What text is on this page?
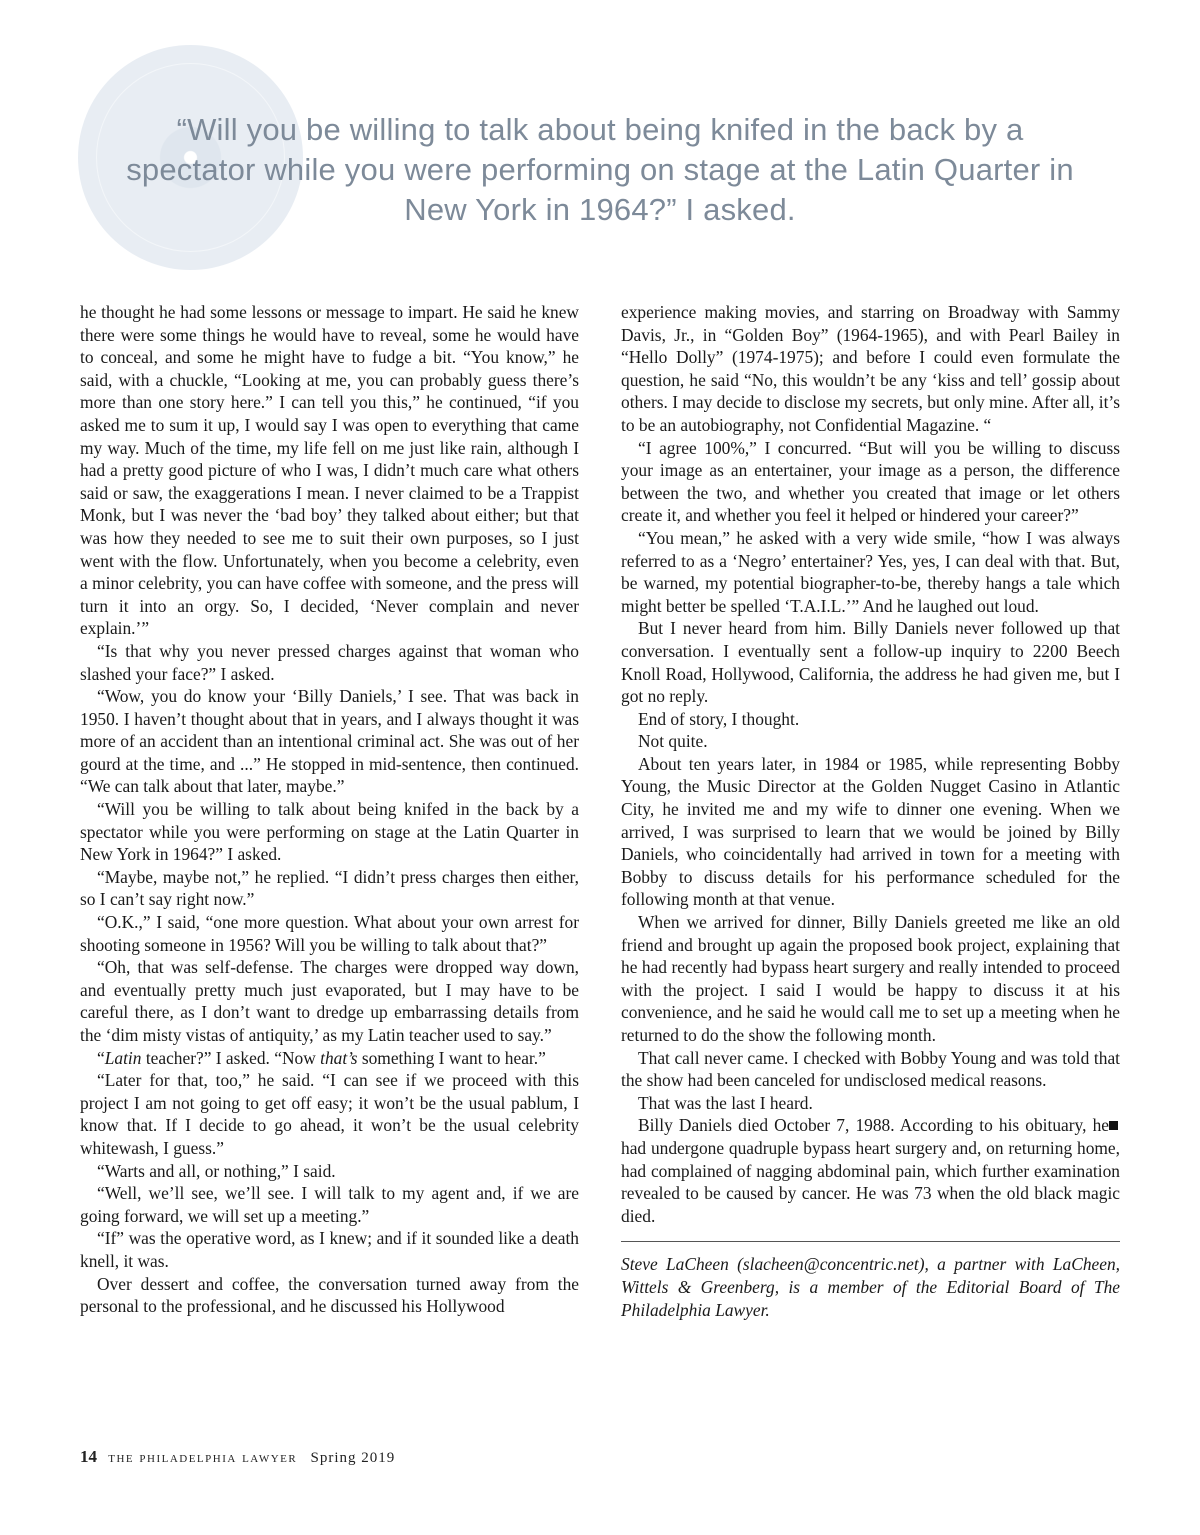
“Will you be willing to talk about being knifed in the back by a spectator while you were performing on stage at the Latin Quarter in New York in 1964?” I asked.

he thought he had some lessons or message to impart. He said he knew there were some things he would have to reveal, some he would have to conceal, and some he might have to fudge a bit. “You know,” he said, with a chuckle, “Looking at me, you can probably guess there’s more than one story here.” I can tell you this,” he continued, “if you asked me to sum it up, I would say I was open to everything that came my way. Much of the time, my life fell on me just like rain, although I had a pretty good picture of who I was, I didn’t much care what others said or saw, the exaggerations I mean. I never claimed to be a Trappist Monk, but I was never the ‘bad boy’ they talked about either; but that was how they needed to see me to suit their own purposes, so I just went with the flow. Unfortunately, when you become a celebrity, even a minor celebrity, you can have coffee with someone, and the press will turn it into an orgy. So, I decided, ‘Never complain and never explain.’”

“Is that why you never pressed charges against that woman who slashed your face?” I asked.

“Wow, you do know your ‘Billy Daniels,’ I see. That was back in 1950. I haven’t thought about that in years, and I always thought it was more of an accident than an intentional criminal act. She was out of her gourd at the time, and ...” He stopped in mid-sentence, then continued. “We can talk about that later, maybe.”

“Will you be willing to talk about being knifed in the back by a spectator while you were performing on stage at the Latin Quarter in New York in 1964?” I asked.

“Maybe, maybe not,” he replied. “I didn’t press charges then either, so I can’t say right now.”

“O.K.,” I said, “one more question. What about your own arrest for shooting someone in 1956? Will you be willing to talk about that?”

“Oh, that was self-defense. The charges were dropped way down, and eventually pretty much just evaporated, but I may have to be careful there, as I don’t want to dredge up embarrassing details from the ‘dim misty vistas of antiquity,’ as my Latin teacher used to say.”

“Latin teacher?” I asked. “Now that’s something I want to hear.”

“Later for that, too,” he said. “I can see if we proceed with this project I am not going to get off easy; it won’t be the usual pablum, I know that. If I decide to go ahead, it won’t be the usual celebrity whitewash, I guess.”

“Warts and all, or nothing,” I said.

“Well, we’ll see, we’ll see. I will talk to my agent and, if we are going forward, we will set up a meeting.”

“If” was the operative word, as I knew; and if it sounded like a death knell, it was.

Over dessert and coffee, the conversation turned away from the personal to the professional, and he discussed his Hollywood

experience making movies, and starring on Broadway with Sammy Davis, Jr., in “Golden Boy” (1964-1965), and with Pearl Bailey in “Hello Dolly” (1974-1975); and before I could even formulate the question, he said “No, this wouldn’t be any ‘kiss and tell’ gossip about others. I may decide to disclose my secrets, but only mine. After all, it’s to be an autobiography, not Confidential Magazine. “

“I agree 100%,” I concurred. “But will you be willing to discuss your image as an entertainer, your image as a person, the difference between the two, and whether you created that image or let others create it, and whether you feel it helped or hindered your career?”

“You mean,” he asked with a very wide smile, “how I was always referred to as a ‘Negro’ entertainer? Yes, yes, I can deal with that. But, be warned, my potential biographer-to-be, thereby hangs a tale which might better be spelled ‘T.A.I.L.’” And he laughed out loud.

But I never heard from him. Billy Daniels never followed up that conversation. I eventually sent a follow-up inquiry to 2200 Beech Knoll Road, Hollywood, California, the address he had given me, but I got no reply.

End of story, I thought.

Not quite.

About ten years later, in 1984 or 1985, while representing Bobby Young, the Music Director at the Golden Nugget Casino in Atlantic City, he invited me and my wife to dinner one evening. When we arrived, I was surprised to learn that we would be joined by Billy Daniels, who coincidentally had arrived in town for a meeting with Bobby to discuss details for his performance scheduled for the following month at that venue.

When we arrived for dinner, Billy Daniels greeted me like an old friend and brought up again the proposed book project, explaining that he had recently had bypass heart surgery and really intended to proceed with the project. I said I would be happy to discuss it at his convenience, and he said he would call me to set up a meeting when he returned to do the show the following month.

That call never came. I checked with Bobby Young and was told that the show had been canceled for undisclosed medical reasons.

That was the last I heard.

Billy Daniels died October 7, 1988. According to his obituary, he had undergone quadruple bypass heart surgery and, on returning home, had complained of nagging abdominal pain, which further examination revealed to be caused by cancer. He was 73 when the old black magic died.

Steve LaCheen (slacheen@concentric.net), a partner with LaCheen, Wittels & Greenberg, is a member of the Editorial Board of The Philadelphia Lawyer.

14 the philadelphia lawyer Spring 2019
